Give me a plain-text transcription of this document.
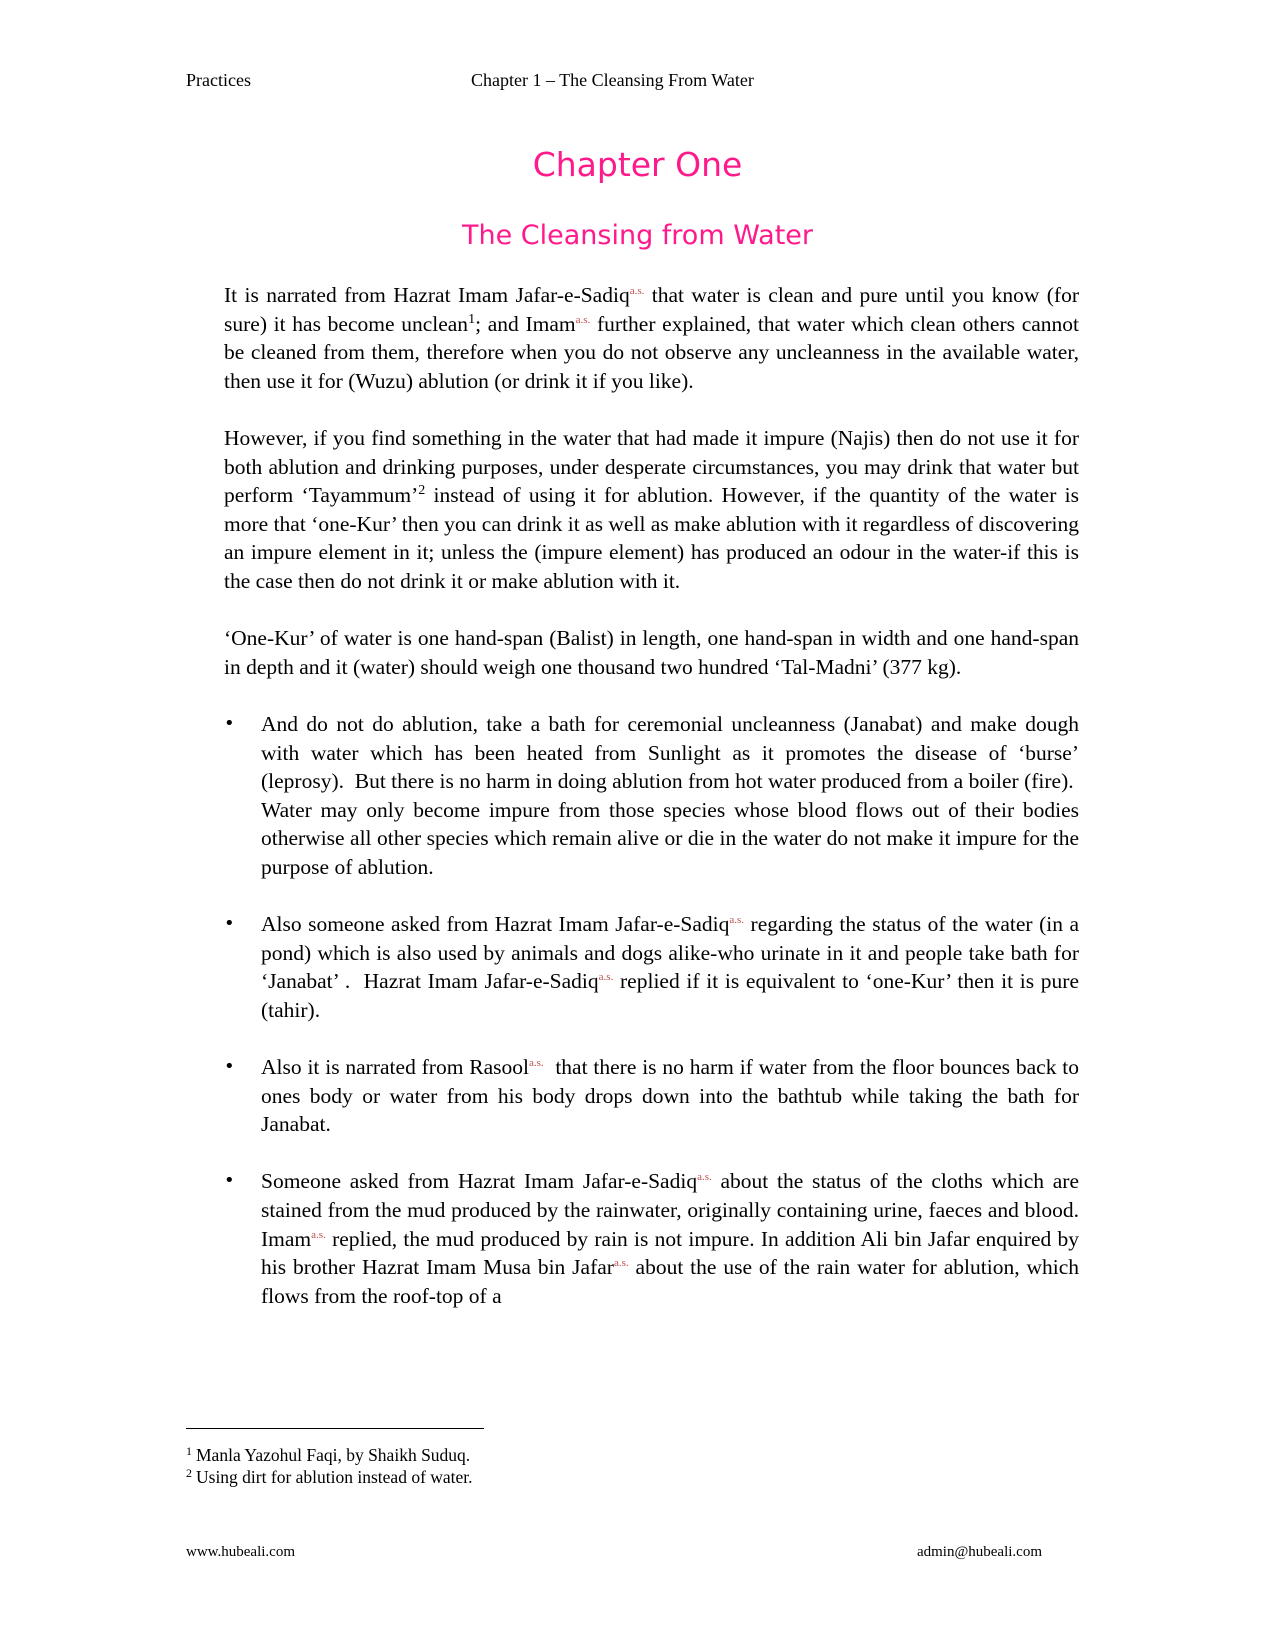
Practices	Chapter 1 – The Cleansing From Water
Chapter One
The Cleansing from Water

It is narrated from Hazrat Imam Jafar-e-Sadiq$^{a.s.}$ that water is clean and pure until you know (for sure) it has become unclean$^1$; and Imam$^{a.s.}$ further explained, that water which clean others cannot be cleaned from them, therefore when you do not observe any uncleanness in the available water, then use it for (Wuzu) ablution (or drink it if you like).

However, if you find something in the water that had made it impure (Najis) then do not use it for both ablution and drinking purposes, under desperate circumstances, you may drink that water but perform ‘Tayammum’$^2$ instead of using it for ablution. However, if the quantity of the water is more that ‘one-Kur’ then you can drink it as well as make ablution with it regardless of discovering an impure element in it; unless the (impure element) has produced an odour in the water-if this is the case then do not drink it or make ablution with it.

‘One-Kur’ of water is one hand-span (Balist) in length, one hand-span in width and one hand-span in depth and it (water) should weigh one thousand two hundred ‘Tal-Madni’ (377 kg).

• And do not do ablution, take a bath for ceremonial uncleanness (Janabat) and make dough with water which has been heated from Sunlight as it promotes the disease of ‘burse’ (leprosy).  But there is no harm in doing ablution from hot water produced from a boiler (fire).  Water may only become impure from those species whose blood flows out of their bodies otherwise all other species which remain alive or die in the water do not make it impure for the purpose of ablution.
• Also someone asked from Hazrat Imam Jafar-e-Sadiq$^{a.s.}$ regarding the status of the water (in a pond) which is also used by animals and dogs alike-who urinate in it and people take bath for ‘Janabat’ .  Hazrat Imam Jafar-e-Sadiq$^{a.s.}$ replied if it is equivalent to ‘one-Kur’ then it is pure (tahir).
• Also it is narrated from Rasool$^{a.s.}$  that there is no harm if water from the floor bounces back to ones body or water from his body drops down into the bathtub while taking the bath for Janabat.
• Someone asked from Hazrat Imam Jafar-e-Sadiq$^{a.s.}$ about the status of the cloths which are stained from the mud produced by the rainwater, originally containing urine, faeces and blood. Imam$^{a.s.}$ replied, the mud produced by rain is not impure. In addition Ali bin Jafar enquired by his brother Hazrat Imam Musa bin Jafar$^{a.s.}$ about the use of the rain water for ablution, which flows from the roof-top of a
$^1$ Manla Yazohul Faqi, by Shaikh Suduq.
$^2$ Using dirt for ablution instead of water.
www.hubeali.com	admin@hubeali.com
